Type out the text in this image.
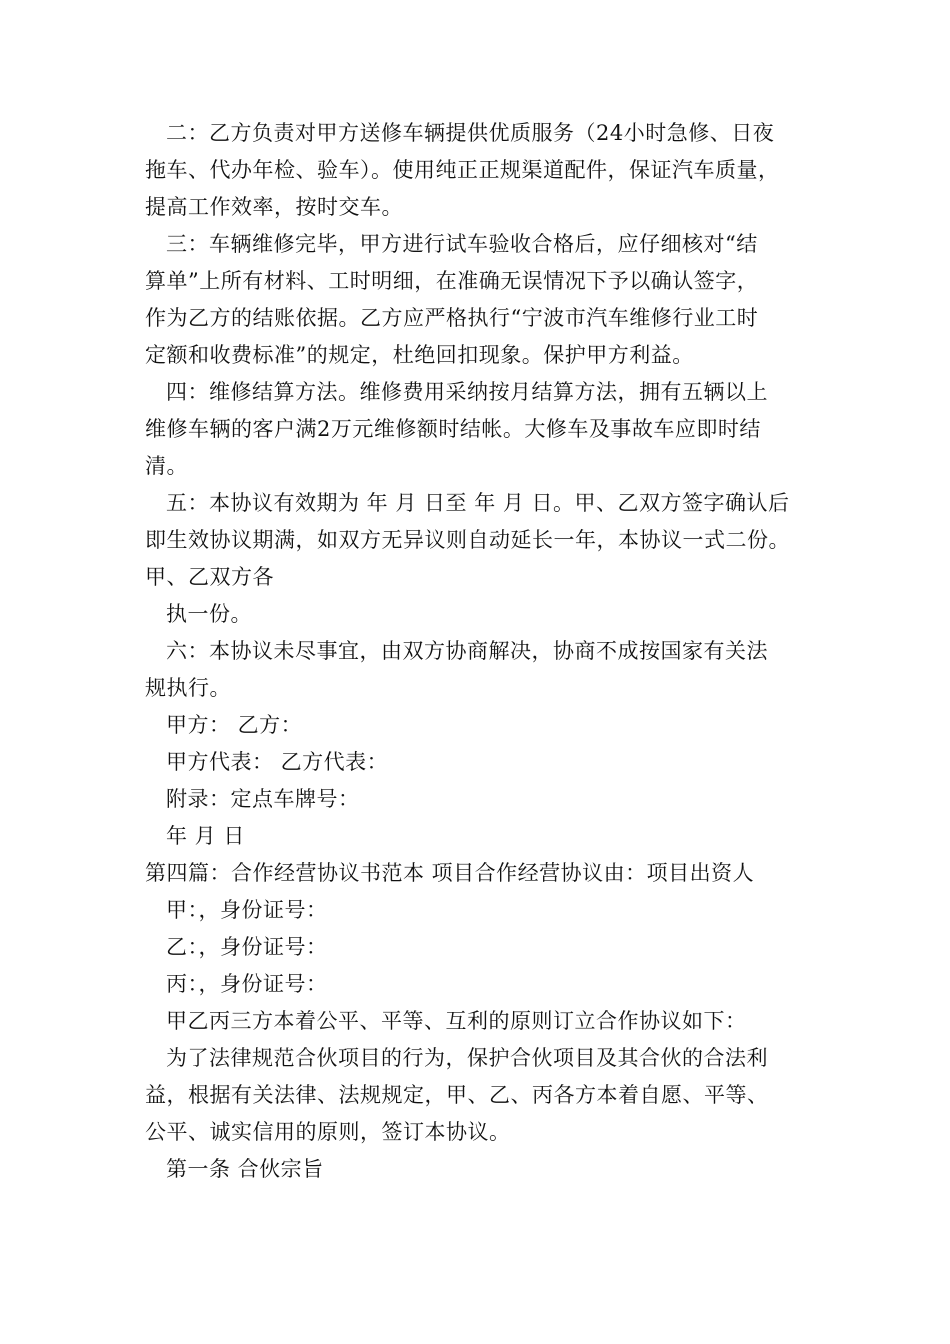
二：乙方负责对甲方送修车辆提供优质服务（24小时急修、日夜
拖车、代办年检、验车）。使用纯正正规渠道配件，保证汽车质量，
提高工作效率，按时交车。
三：车辆维修完毕，甲方进行试车验收合格后，应仔细核对“结
算单”上所有材料、工时明细，在准确无误情况下予以确认签字，
作为乙方的结账依据。乙方应严格执行“宁波市汽车维修行业工时
定额和收费标准”的规定，杜绝回扣现象。保护甲方利益。
四：维修结算方法。维修费用采纳按月结算方法，拥有五辆以上
维修车辆的客户满2万元维修额时结帐。大修车及事故车应即时结
清。
五：本协议有效期为 年 月 日至 年 月 日。甲、乙双方签字确认后
即生效协议期满，如双方无异议则自动延长一年，本协议一式二份。
甲、乙双方各
执一份。
六：本协议未尽事宜，由双方协商解决，协商不成按国家有关法
规执行。
甲方： 乙方：
甲方代表： 乙方代表：
附录：定点车牌号：
年 月 日
第四篇：合作经营协议书范本 项目合作经营协议由：项目出资人
甲：，身份证号：
乙：，身份证号：
丙：，身份证号：
甲乙丙三方本着公平、平等、互利的原则订立合作协议如下：
为了法律规范合伙项目的行为，保护合伙项目及其合伙的合法利
益，根据有关法律、法规规定，甲、乙、丙各方本着自愿、平等、
公平、诚实信用的原则，签订本协议。
第一条 合伙宗旨
